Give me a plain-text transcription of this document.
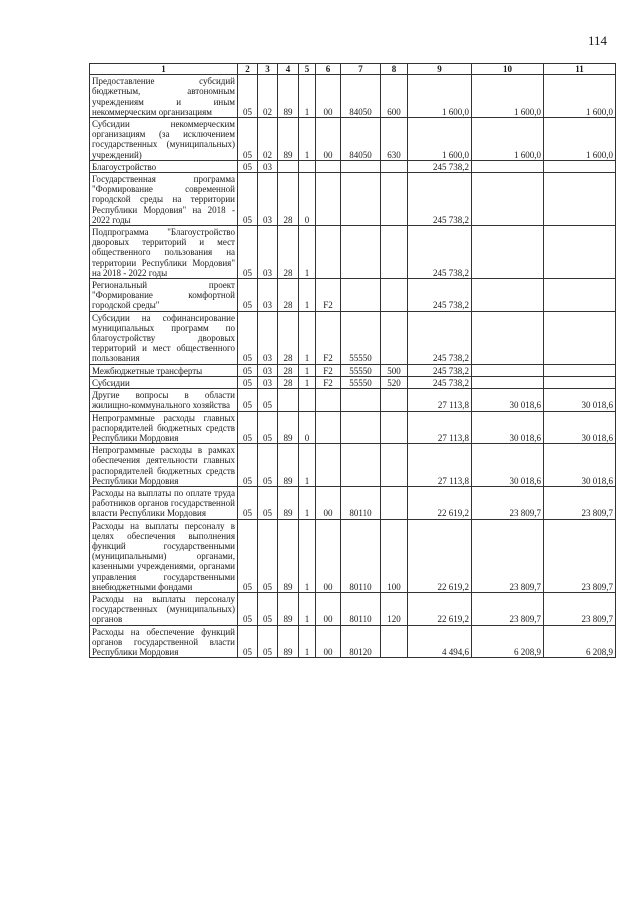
114
1	2	3	4	5	6	7	8	9	10	11
Предоставление субсидий бюджетным, автономным учреждениям и иным некоммерческим организациям	05	02	89	1	00	84050	600	1 600,0	1 600,0	1 600,0
Субсидии некоммерческим организациям (за исключением государственных (муниципальных) учреждений)	05	02	89	1	00	84050	630	1 600,0	1 600,0	1 600,0
Благоустройство	05	03						245 738,2		
Государственная программа "Формирование современной городской среды на территории Республики Мордовия" на 2018 - 2022 годы	05	03	28	0				245 738,2		
Подпрограмма "Благоустройство дворовых территорий и мест общественного пользования на территории Республики Мордовия" на 2018 - 2022 годы	05	03	28	1				245 738,2		
Региональный проект "Формирование комфортной городской среды"	05	03	28	1	F2			245 738,2		
Субсидии на софинансирование муниципальных программ по благоустройству дворовых территорий и мест общественного пользования	05	03	28	1	F2	55550		245 738,2		
Межбюджетные трансферты	05	03	28	1	F2	55550	500	245 738,2		
Субсидии	05	03	28	1	F2	55550	520	245 738,2		
Другие вопросы в области жилищно-коммунального хозяйства	05	05						27 113,8	30 018,6	30 018,6
Непрограммные расходы главных распорядителей бюджетных средств Республики Мордовия	05	05	89	0				27 113,8	30 018,6	30 018,6
Непрограммные расходы в рамках обеспечения деятельности главных распорядителей бюджетных средств Республики Мордовия	05	05	89	1				27 113,8	30 018,6	30 018,6
Расходы на выплаты по оплате труда работников органов государственной власти Республики Мордовия	05	05	89	1	00	80110		22 619,2	23 809,7	23 809,7
Расходы на выплаты персоналу в целях обеспечения выполнения функций государственными (муниципальными) органами, казенными учреждениями, органами управления государственными внебюджетными фондами	05	05	89	1	00	80110	100	22 619,2	23 809,7	23 809,7
Расходы на выплаты персоналу государственных (муниципальных) органов	05	05	89	1	00	80110	120	22 619,2	23 809,7	23 809,7
Расходы на обеспечение функций органов государственной власти Республики Мордовия	05	05	89	1	00	80120		4 494,6	6 208,9	6 208,9
